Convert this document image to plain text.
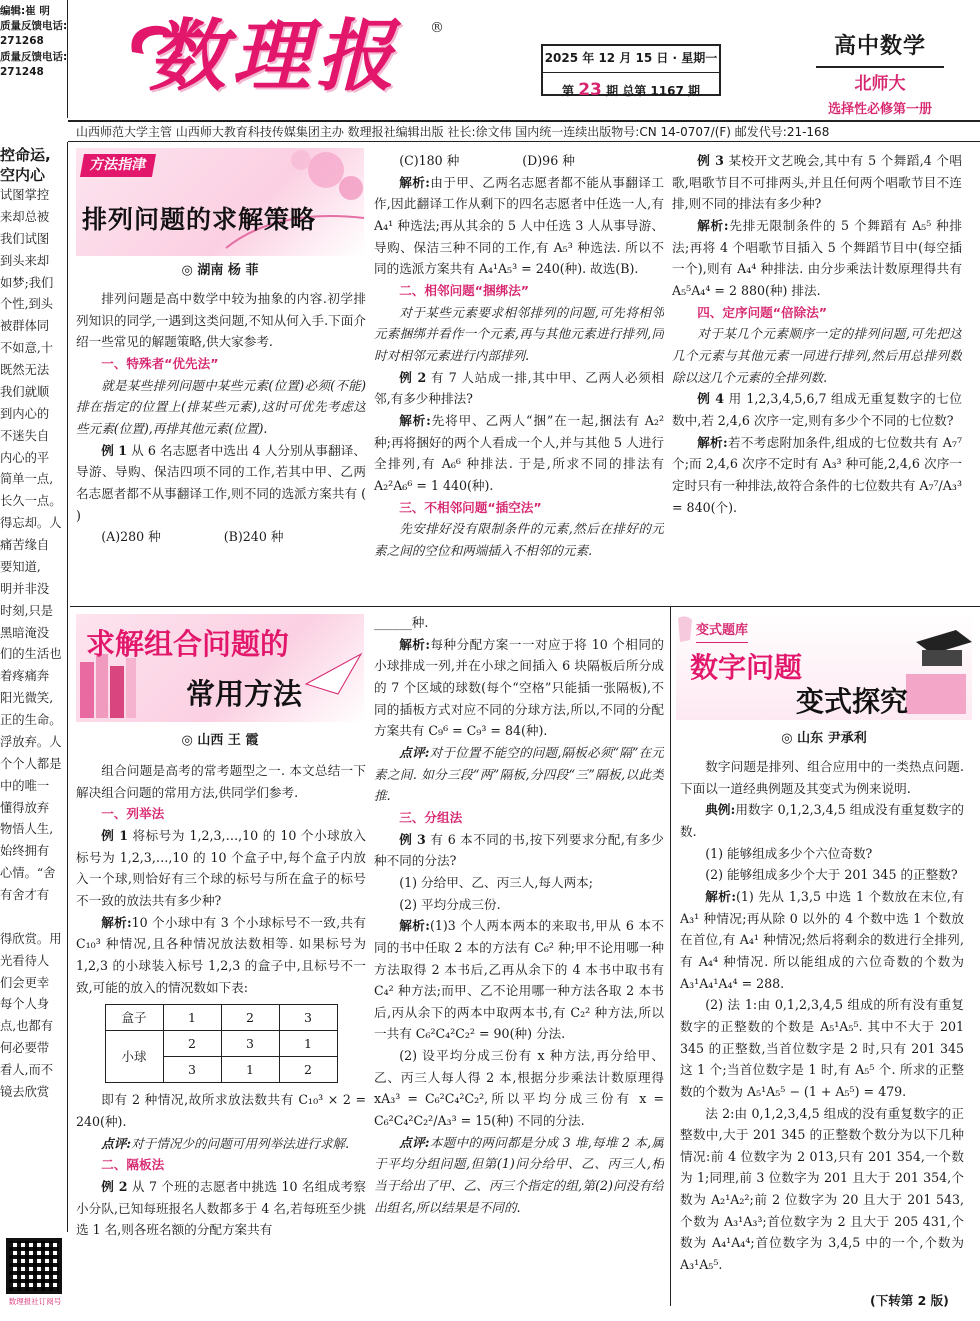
编辑:崔 明
质量反馈电话:
271268
质量反馈电话:
271248 数理报 ®
2025 年 12 月 15 日 · 星期一
第 23 期 总第 1167 期
高中数学
北师大
选择性必修第一册
山西师范大学主管 山西师大教育科技传媒集团主办 数理报社编辑出版 社长:徐文伟 国内统一连续出版物号:CN 14-0707/(F) 邮发代号:21-168
控命运,
空内心
试图掌控
来却总被
我们试图
到头来却
如梦;我们
个性,到头
被群体同
不如意,十
既然无法
我们就顺
到内心的
不迷失自
内心的平
简单一点,
长久一点。
得忘却。人
痛苦缘自
要知道,
明并非没
时刻,只是
黑暗淹没
们的生活也
着疼痛奔
阳光微笑,
正的生命。
浮放弃。人
个个人都是
中的唯一
懂得放弃
物悟人生,
始终拥有
心情。“舍
有舍才有

得欣赏。用
光看待人
们会更幸
每个人身
点,也都有
何必要带
看人,而不
镜去欣赏
数理报社订阅号
方法指津
排列问题的求解策略
◎ 湖南 杨 菲

排列问题是高中数学中较为抽象的内容.初学排列知识的同学,一遇到这类问题,不知从何入手.下面介绍一些常见的解题策略,供大家参考.

一、特殊者“优先法”

就是某些排列问题中某些元素(位置)必须(不能)排在指定的位置上(排某些元素),这时可优先考虑这些元素(位置),再排其他元素(位置).

例 1 从 6 名志愿者中选出 4 人分别从事翻译、导游、导购、保洁四项不同的工作,若其中甲、乙两名志愿者都不从事翻译工作,则不同的选派方案共有 ( )

(A)280 种　　　　　(B)240 种

(C)180 种　　　　　(D)96 种

解析:由于甲、乙两名志愿者都不能从事翻译工作,因此翻译工作从剩下的四名志愿者中任选一人,有 A₄¹ 种选法;再从其余的 5 人中任选 3 人从事导游、导购、保洁三种不同的工作,有 A₅³ 种选法. 所以不同的选派方案共有 A₄¹A₅³ = 240(种). 故选(B).

二、相邻问题“捆绑法”

对于某些元素要求相邻排列的问题,可先将相邻元素捆绑并看作一个元素,再与其他元素进行排列,同时对相邻元素进行内部排列.

例 2 有 7 人站成一排,其中甲、乙两人必须相邻,有多少种排法?

解析:先将甲、乙两人“捆”在一起,捆法有 A₂² 种;再将捆好的两个人看成一个人,并与其他 5 人进行全排列,有 A₆⁶ 种排法. 于是,所求不同的排法有 A₂²A₆⁶ = 1 440(种).

三、不相邻问题“插空法”

先安排好没有限制条件的元素,然后在排好的元素之间的空位和两端插入不相邻的元素.

例 3 某校开文艺晚会,其中有 5 个舞蹈,4 个唱歌,唱歌节目不可排两头,并且任何两个唱歌节目不连排,则不同的排法有多少种?

解析:先排无限制条件的 5 个舞蹈有 A₅⁵ 种排法;再将 4 个唱歌节目插入 5 个舞蹈节目中(每空插一个),则有 A₄⁴ 种排法. 由分步乘法计数原理得共有 A₅⁵A₄⁴ = 2 880(种) 排法.

四、定序问题“倍除法”

对于某几个元素顺序一定的排列问题,可先把这几个元素与其他元素一同进行排列,然后用总排列数除以这几个元素的全排列数.

例 4 用 1,2,3,4,5,6,7 组成无重复数字的七位数中,若 2,4,6 次序一定,则有多少个不同的七位数?

解析:若不考虑附加条件,组成的七位数共有 A₇⁷ 个;而 2,4,6 次序不定时有 A₃³ 种可能,2,4,6 次序一定时只有一种排法,故符合条件的七位数共有 A₇⁷/A₃³ = 840(个).

求解组合问题的
常用方法
◎ 山西 王 霞

组合问题是高考的常考题型之一. 本文总结一下解决组合问题的常用方法,供同学们参考.

一、列举法

例 1 将标号为 1,2,3,…,10 的 10 个小球放入标号为 1,2,3,…,10 的 10 个盒子中,每个盒子内放入一个球,则恰好有三个球的标号与所在盒子的标号不一致的放法共有多少种?

解析:10 个小球中有 3 个小球标号不一致,共有 C₁₀³ 种情况,且各种情况放法数相等. 如果标号为 1,2,3 的小球装入标号 1,2,3 的盒子中,且标号不一致,可能的放入的情况数如下表:

盒子	1	2	3
小球	2	3	1
	3	1	2

即有 2 种情况,故所求放法数共有 C₁₀³ × 2 = 240(种).

点评:对于情况少的问题可用列举法进行求解.

二、隔板法

例 2 从 7 个班的志愿者中挑选 10 名组成考察小分队,已知每班报名人数都多于 4 名,若每班至少挑选 1 名,则各班名额的分配方案共有

______种.

解析:每种分配方案一一对应于将 10 个相同的小球排成一列,并在小球之间插入 6 块隔板后所分成的 7 个区域的球数(每个“空格”只能插一张隔板),不同的插板方式对应不同的分球方法,所以,不同的分配方案共有 C₉⁶ = C₉³ = 84(种).

点评:对于位置不能空的问题,隔板必须“隔”在元素之间. 如分三段“两”隔板,分四段“三”隔板,以此类推.

三、分组法

例 3 有 6 本不同的书,按下列要求分配,有多少种不同的分法?

(1) 分给甲、乙、丙三人,每人两本;

(2) 平均分成三份.

解析:(1)3 个人两本两本的来取书,甲从 6 本不同的书中任取 2 本的方法有 C₆² 种;甲不论用哪一种方法取得 2 本书后,乙再从余下的 4 本书中取书有 C₄² 种方法;而甲、乙不论用哪一种方法各取 2 本书后,丙从余下的两本中取两本书,有 C₂² 种方法,所以一共有 C₆²C₄²C₂² = 90(种) 分法.

(2) 设平均分成三份有 x 种方法,再分给甲、乙、丙三人每人得 2 本,根据分步乘法计数原理得 xA₃³ = C₆²C₄²C₂²,所以平均分成三份有 x = C₆²C₄²C₂²/A₃³ = 15(种) 不同的分法.

点评:本题中的两问都是分成 3 堆,每堆 2 本,属于平均分组问题,但第(1)问分给甲、乙、丙三人,相当于给出了甲、乙、丙三个指定的组,第(2)问没有给出组名,所以结果是不同的.

变式题库
数字问题
变式探究
◎ 山东 尹承利

数字问题是排列、组合应用中的一类热点问题. 下面以一道经典例题及其变式为例来说明.

典例:用数字 0,1,2,3,4,5 组成没有重复数字的数.

(1) 能够组成多少个六位奇数?

(2) 能够组成多少个大于 201 345 的正整数?

解析:(1) 先从 1,3,5 中选 1 个数放在末位,有 A₃¹ 种情况;再从除 0 以外的 4 个数中选 1 个数放在首位,有 A₄¹ 种情况;然后将剩余的数进行全排列,有 A₄⁴ 种情况. 所以能组成的六位奇数的个数为 A₃¹A₄¹A₄⁴ = 288.

(2) 法 1:由 0,1,2,3,4,5 组成的所有没有重复数字的正整数的个数是 A₅¹A₅⁵. 其中不大于 201 345 的正整数,当首位数字是 2 时,只有 201 345 这 1 个;当首位数字是 1 时,有 A₅⁵ 个. 所求的正整数的个数为 A₅¹A₅⁵ − (1 + A₅⁵) = 479.

法 2:由 0,1,2,3,4,5 组成的没有重复数字的正整数中,大于 201 345 的正整数个数分为以下几种情况:前 4 位数字为 2 013,只有 201 354,一个数为 1;同理,前 3 位数字为 201 且大于 201 354,个数为 A₂¹A₂²;前 2 位数字为 20 且大于 201 543,个数为 A₃¹A₃³;首位数字为 2 且大于 205 431,个数为 A₄¹A₄⁴;首位数字为 3,4,5 中的一个,个数为 A₃¹A₅⁵.

(下转第 2 版)
